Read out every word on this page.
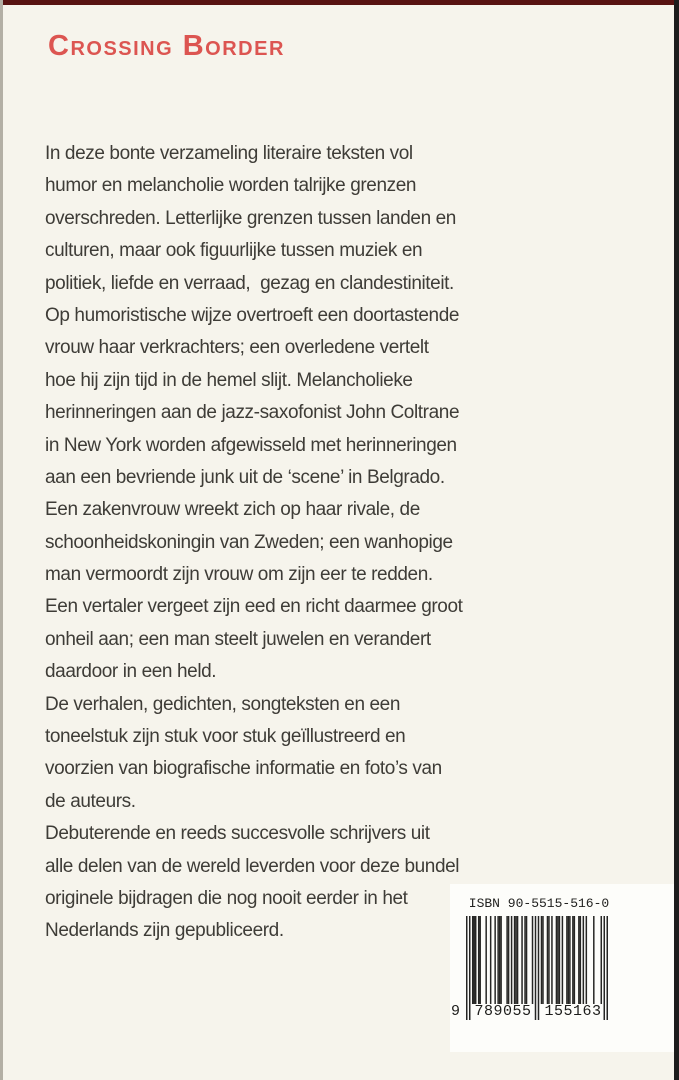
Crossing Border
In deze bonte verzameling literaire teksten vol
humor en melancholie worden talrijke grenzen
overschreden. Letterlijke grenzen tussen landen en
culturen, maar ook figuurlijke tussen muziek en
politiek, liefde en verraad,  gezag en clandestiniteit.
Op humoristische wijze overtroeft een doortastende
vrouw haar verkrachters; een overledene vertelt
hoe hij zijn tijd in de hemel slijt. Melancholieke
herinneringen aan de jazz-saxofonist John Coltrane
in New York worden afgewisseld met herinneringen
aan een bevriende junk uit de ‘scene’ in Belgrado.
Een zakenvrouw wreekt zich op haar rivale, de
schoonheidskoningin van Zweden; een wanhopige
man vermoordt zijn vrouw om zijn eer te redden.
Een vertaler vergeet zijn eed en richt daarmee groot
onheil aan; een man steelt juwelen en verandert
daardoor in een held.
De verhalen, gedichten, songteksten en een
toneelstuk zijn stuk voor stuk geïllustreerd en
voorzien van biografische informatie en foto’s van
de auteurs.
Debuterende en reeds succesvolle schrijvers uit
alle delen van de wereld leverden voor deze bundel
originele bijdragen die nog nooit eerder in het
Nederlands zijn gepubliceerd.
ISBN 90-5515-516-0
9 789055 155163
